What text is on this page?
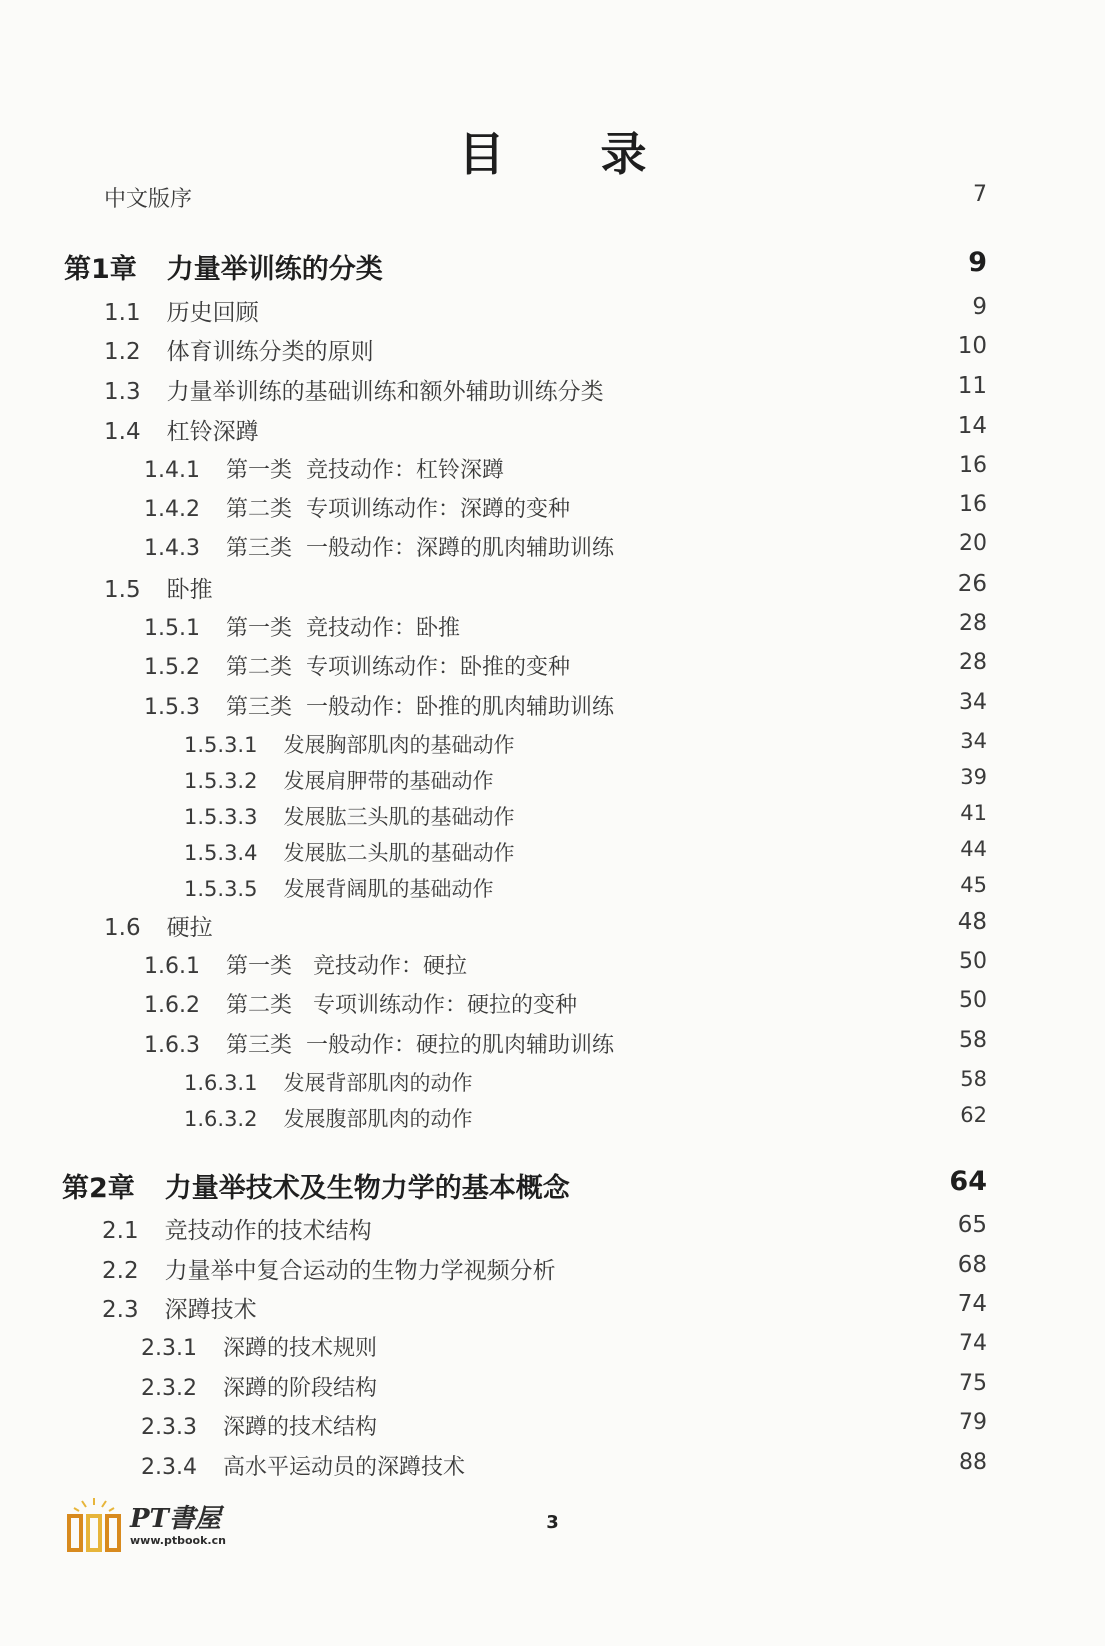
目 录
中文版序	7
第1章 力量举训练的分类	9
1.1 历史回顾	9
1.2 体育训练分类的原则	10
1.3 力量举训练的基础训练和额外辅助训练分类	11
1.4 杠铃深蹲	14
1.4.1 第一类  竞技动作：杠铃深蹲	16
1.4.2 第二类  专项训练动作：深蹲的变种	16
1.4.3 第三类  一般动作：深蹲的肌肉辅助训练	20
1.5 卧推	26
1.5.1 第一类  竞技动作：卧推	28
1.5.2 第二类  专项训练动作：卧推的变种	28
1.5.3 第三类  一般动作：卧推的肌肉辅助训练	34
1.5.3.1 发展胸部肌肉的基础动作	34
1.5.3.2 发展肩胛带的基础动作	39
1.5.3.3 发展肱三头肌的基础动作	41
1.5.3.4 发展肱二头肌的基础动作	44
1.5.3.5 发展背阔肌的基础动作	45
1.6 硬拉	48
1.6.1 第一类   竞技动作：硬拉	50
1.6.2 第二类   专项训练动作：硬拉的变种	50
1.6.3 第三类  一般动作：硬拉的肌肉辅助训练	58
1.6.3.1 发展背部肌肉的动作	58
1.6.3.2 发展腹部肌肉的动作	62
第2章 力量举技术及生物力学的基本概念	64
2.1 竞技动作的技术结构	65
2.2 力量举中复合运动的生物力学视频分析	68
2.3 深蹲技术	74
2.3.1 深蹲的技术规则	74
2.3.2 深蹲的阶段结构	75
2.3.3 深蹲的技术结构	79
2.3.4 高水平运动员的深蹲技术	88
PT書屋
www.ptbook.cn
3
